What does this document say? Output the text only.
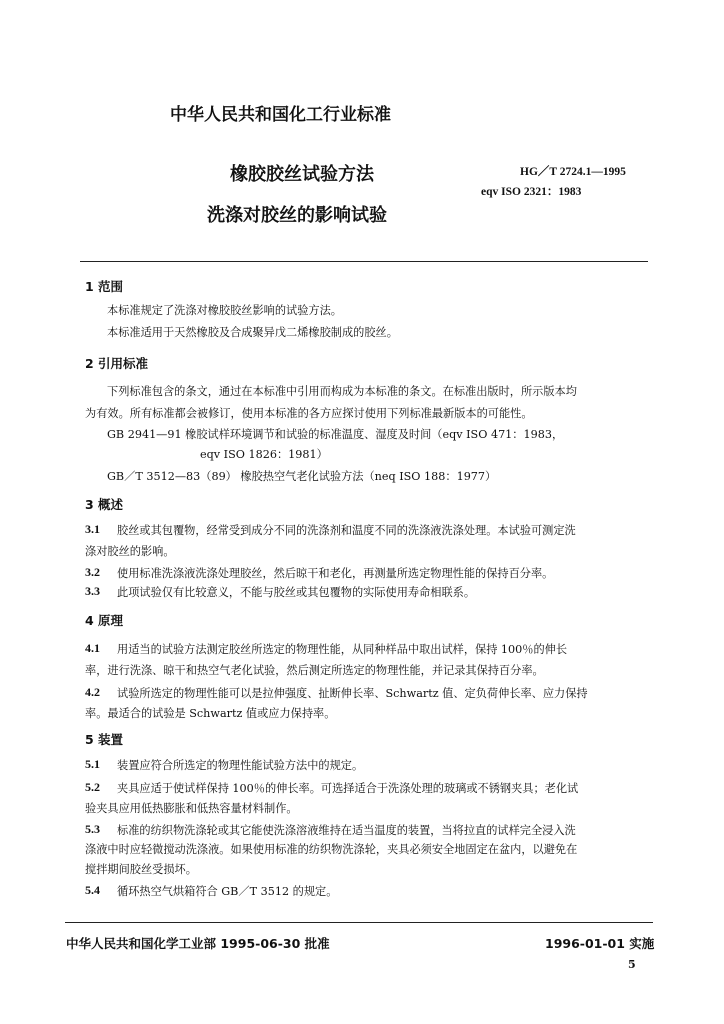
中华人民共和国化工行业标准
橡胶胶丝试验方法
洗涤对胶丝的影响试验
HG／T 2724.1—1995
eqv ISO 2321：1983
1 范围
本标准规定了洗涤对橡胶胶丝影响的试验方法。
本标准适用于天然橡胶及合成聚异戊二烯橡胶制成的胶丝。
2 引用标准
下列标准包含的条文，通过在本标准中引用而构成为本标准的条文。在标准出版时，所示版本均
为有效。所有标准都会被修订，使用本标准的各方应探讨使用下列标准最新版本的可能性。
GB 2941—91 橡胶试样环境调节和试验的标准温度、湿度及时间（eqv ISO 471：1983，
eqv ISO 1826：1981）
GB／T 3512—83（89） 橡胶热空气老化试验方法（neq ISO 188：1977）
3 概述
3.1 胶丝或其包覆物，经常受到成分不同的洗涤剂和温度不同的洗涤液洗涤处理。本试验可测定洗
涤对胶丝的影响。
3.2 使用标准洗涤液洗涤处理胶丝，然后晾干和老化，再测量所选定物理性能的保持百分率。
3.3 此项试验仅有比较意义，不能与胶丝或其包覆物的实际使用寿命相联系。
4 原理
4.1 用适当的试验方法测定胶丝所选定的物理性能，从同种样品中取出试样，保持 100％的伸长
率，进行洗涤、晾干和热空气老化试验，然后测定所选定的物理性能，并记录其保持百分率。
4.2 试验所选定的物理性能可以是拉伸强度、扯断伸长率、Schwartz 值、定负荷伸长率、应力保持
率。最适合的试验是 Schwartz 值或应力保持率。
5 装置
5.1 装置应符合所选定的物理性能试验方法中的规定。
5.2 夹具应适于使试样保持 100％的伸长率。可选择适合于洗涤处理的玻璃或不锈钢夹具；老化试
验夹具应用低热膨胀和低热容量材料制作。
5.3 标准的纺织物洗涤轮或其它能使洗涤溶液维持在适当温度的装置，当将拉直的试样完全浸入洗
涤液中时应轻微搅动洗涤液。如果使用标准的纺织物洗涤轮，夹具必须安全地固定在盆内，以避免在
搅拌期间胶丝受损坏。
5.4 循环热空气烘箱符合 GB／T 3512 的规定。
中华人民共和国化学工业部 1995-06-30 批准	1996-01-01 实施
5
